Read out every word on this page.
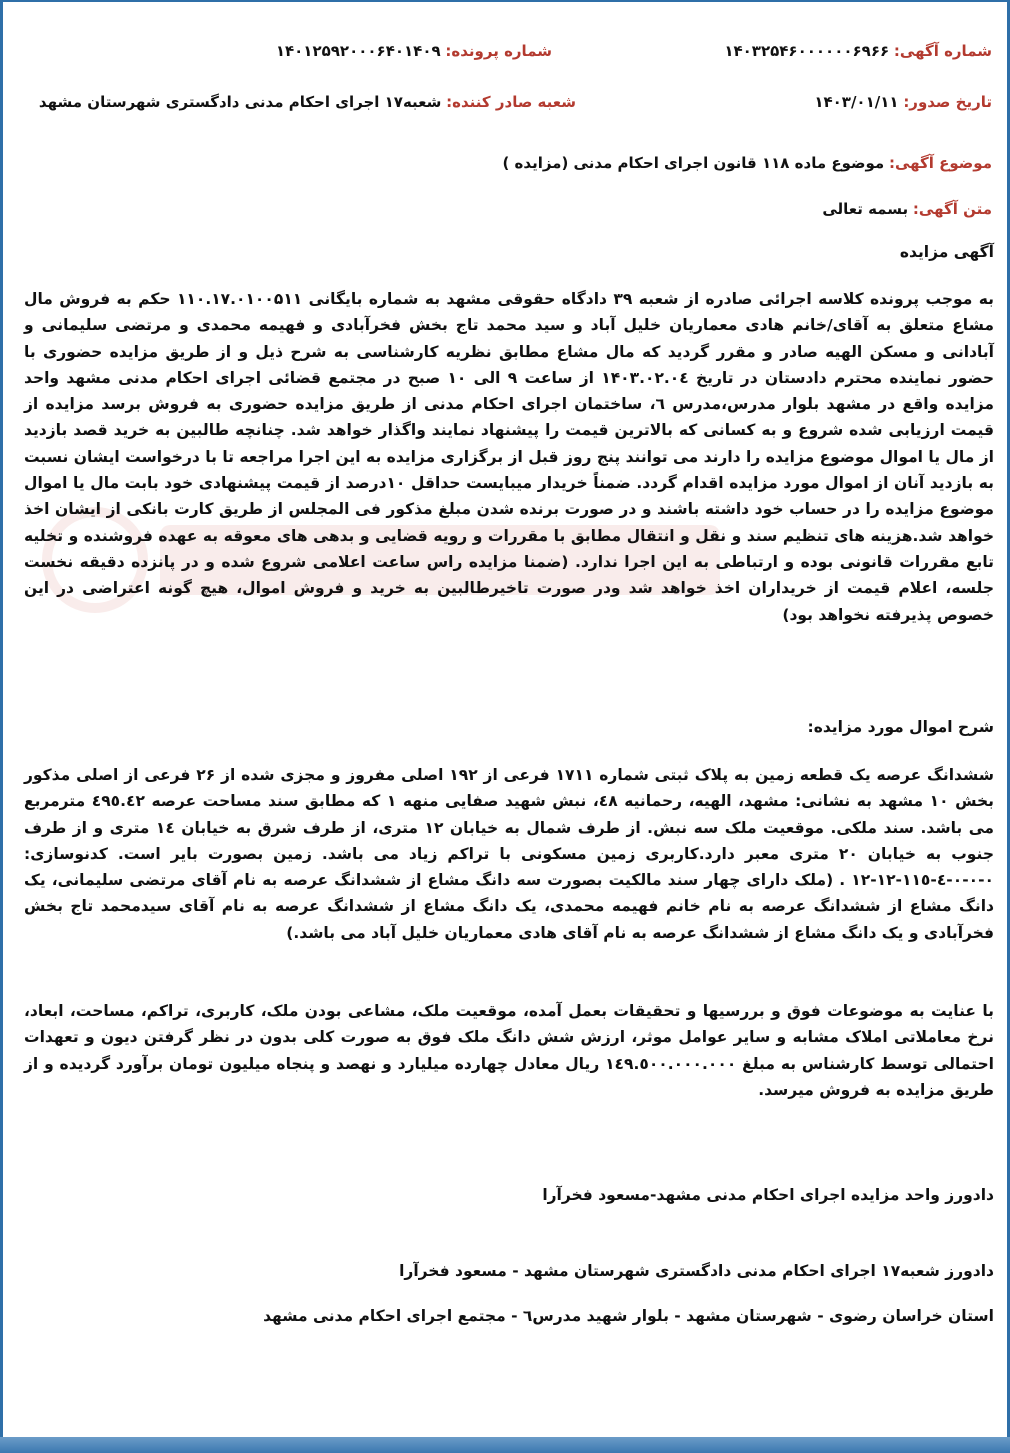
شماره آگهی: ۱۴۰۳۲۵۴۶۰۰۰۰۰۰۶۹۶۶
شماره پرونده: ۱۴۰۱۲۵۹۲۰۰۰۶۴۰۱۴۰۹
تاریخ صدور: ۱۴۰۳/۰۱/۱۱
شعبه صادر کننده: شعبه۱۷ اجرای احکام مدنی دادگستری شهرستان مشهد
موضوع آگهی: موضوع ماده ۱۱۸ قانون اجرای احکام مدنی (مزایده )
متن آگهی: بسمه تعالی
آگهی مزایده
به موجب پرونده کلاسه اجرائی صادره از شعبه ۳۹ دادگاه حقوقی مشهد به شماره بایگانی ۱۱۰.۱۷.۰۱۰۰۵۱۱ حکم به فروش مال مشاع متعلق به آقای/خانم هادی معماریان خلیل آباد و سید محمد تاج بخش فخرآبادی و فهیمه محمدی و مرتضی سلیمانی و آبادانی و مسکن الهیه صادر و مقرر گردید که مال مشاع مطابق نظریه کارشناسی به شرح ذیل و از طریق مزایده حضوری با حضور نماینده محترم دادستان در تاریخ ۱۴۰۳.۰۲.۰٤ از ساعت ۹ الی ۱۰ صبح در مجتمع قضائی اجرای احکام مدنی مشهد واحد مزایده واقع در مشهد بلوار مدرس،مدرس ٦، ساختمان اجرای احکام مدنی از طریق مزایده حضوری به فروش برسد مزایده از قیمت ارزیابی شده شروع و به کسانی که بالاترین قیمت را پیشنهاد نمایند واگذار خواهد شد. چنانچه طالبین به خرید قصد بازدید از مال یا اموال موضوع مزایده را دارند می توانند پنج روز قبل از برگزاری مزایده به این اجرا مراجعه تا با درخواست ایشان نسبت به بازدید آنان از اموال مورد مزایده اقدام گردد. ضمناً خریدار میبایست حداقل ۱۰درصد از قیمت پیشنهادی خود بابت مال یا اموال موضوع مزایده را در حساب خود داشته باشند و در صورت برنده شدن مبلغ مذکور فی المجلس از طریق کارت بانکی از ایشان اخذ خواهد شد.هزینه های تنظیم سند و نقل و انتقال مطابق با مقررات و رویه قضایی و بدهی های معوقه به عهده فروشنده و تخلیه تابع مقررات قانونی بوده و ارتباطی به این اجرا ندارد. (ضمنا مزایده راس ساعت اعلامی شروع شده و در پانزده دقیقه نخست جلسه، اعلام قیمت از خریداران اخذ خواهد شد ودر صورت تاخیرطالبین به خرید و فروش اموال، هیچ گونه اعتراضی در این خصوص پذیرفته نخواهد بود)
شرح اموال مورد مزایده:
ششدانگ عرصه یک قطعه زمین به پلاک ثبتی شماره ۱۷۱۱ فرعی از ۱۹۲ اصلی مفروز و مجزی شده از ۲۶ فرعی از اصلی مذکور بخش ۱۰ مشهد به نشانی: مشهد، الهیه، رحمانیه ٤۸، نبش شهید صفایی منهه ۱ که مطابق سند مساحت عرصه ٤۹٥.٤۲ مترمربع می باشد. سند ملکی. موقعیت ملک سه نبش. از طرف شمال به خیابان ۱۲ متری، از طرف شرق به خیابان ١٤ متری و از طرف جنوب به خیابان ۲۰ متری معبر دارد.کاربری زمین مسکونی با تراکم زیاد می باشد. زمین بصورت بایر است. کدنوسازی: ۰-۰-۰-٤-۱۱٥-۱۲-۱۲ . (ملک دارای چهار سند مالکیت بصورت سه دانگ مشاع از ششدانگ عرصه به نام آقای مرتضی سلیمانی، یک دانگ مشاع از ششدانگ عرصه به نام خانم فهیمه محمدی، یک دانگ مشاع از ششدانگ عرصه به نام آقای سیدمحمد تاج بخش فخرآبادی و یک دانگ مشاع از ششدانگ عرصه به نام آقای هادی معماریان خلیل آباد می باشد.)
با عنایت به موضوعات فوق و بررسیها و تحقیقات بعمل آمده، موقعیت ملک، مشاعی بودن ملک، کاربری، تراکم، مساحت، ابعاد، نرخ معاملاتی املاک مشابه و سایر عوامل موثر، ارزش شش دانگ ملک فوق به صورت کلی بدون در نظر گرفتن دیون و تعهدات احتمالی توسط کارشناس به مبلغ ۱٤۹.٥۰۰.۰۰۰.۰۰۰ ریال معادل چهارده میلیارد و نهصد و پنجاه میلیون تومان برآورد گردیده و از طریق مزایده به فروش میرسد.
دادورز واحد مزایده اجرای احکام مدنی مشهد-مسعود فخرآرا
دادورز شعبه۱۷ اجرای احکام مدنی دادگستری شهرستان مشهد - مسعود فخرآرا
استان خراسان رضوی - شهرستان مشهد - بلوار شهید مدرس٦ - مجتمع اجرای احکام مدنی مشهد
